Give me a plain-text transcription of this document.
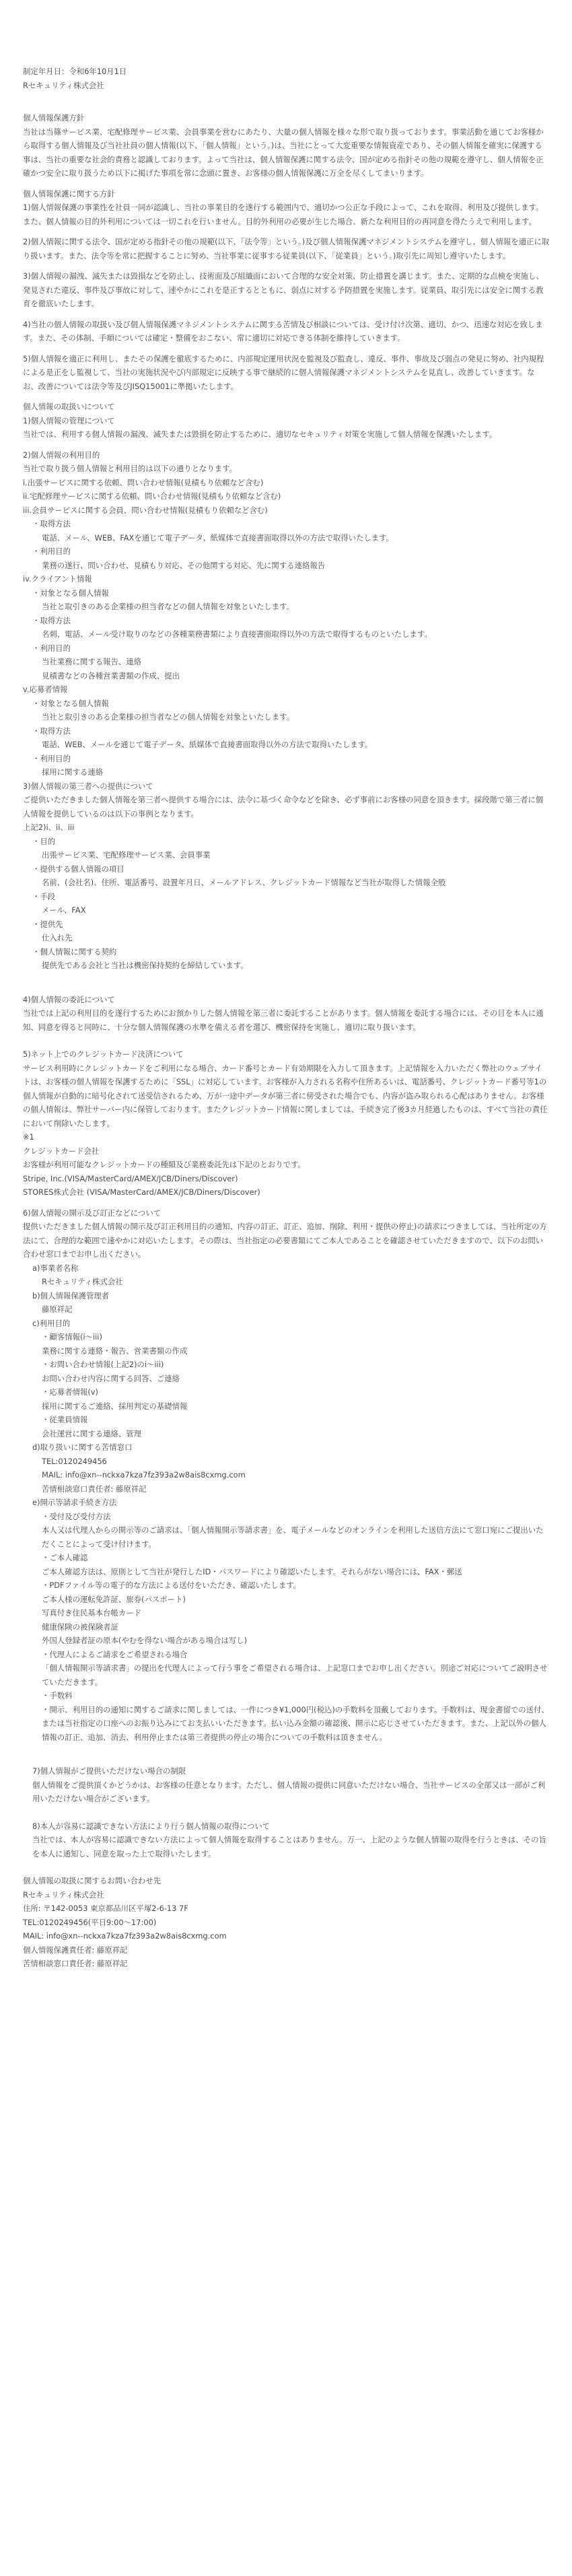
制定年月日：令和6年10月1日

Rセキュリティ株式会社

個人情報保護方針

当社は当篠サービス業、宅配修理サービス業、会員事業を営むにあたり、大量の個人情報を様々な形で取り扱っております。事業活動を通じてお客様から取得する個人情報及び当社社員の個人情報(以下、「個人情報」という。)は、当社にとって大変重要な情報資産であり、その個人情報を確実に保護する事は、当社の重要な社会的責務と認識しております。よって当社は、個人情報保護に関する法令、国が定める指針その他の規範を遵守し、個人情報を正確かつ安全に取り扱うため以下に掲げた事項を常に念頭に置き、お客様の個人情報保護に万全を尽くしてまいります。

個人情報保護に関する方針

1)個人情報保護の事業性を社員一同が認識し、当社の事業目的を遂行する範囲内で、適切かつ公正な手段によって、これを取得、利用及び提供します。また、個人情報の目的外利用については一切これを行いません。目的外利用の必要が生じた場合、新たな利用目的の再同意を得たうえで利用します。

2)個人情報に関する法令、国が定める指針その他の規範(以下、「法令等」という。)及び個人情報保護マネジメントシステムを遵守し、個人情報を適正に取り扱います。また、法令等を常に把握することに努め、当社事業に従事する従業員(以下、「従業員」という。)取引先に周知し遵守いたします。

3)個人情報の漏洩、滅失または毀損などを防止し、技術面及び組織面において合理的な安全対策、防止措置を講じます。また、定期的な点検を実施し、発見された違反、事件及び事故に対して、速やかにこれを是正するとともに、弱点に対する予防措置を実施します。従業員、取引先には安全に関する教育を徹底いたします。

4)当社の個人情報の取扱い及び個人情報保護マネジメントシステムに関する苦情及び相談については、受け付け次第、適切、かつ、迅速な対応を致します。また、その体制、手順については確定・整備をおこない、常に適切に対応できる体制を維持していきます。

5)個人情報を適正に利用し、またその保護を徹底するために、内部規定運用状況を監視及び監査し、違反、事件、事故及び弱点の発見に努め、社内規程による是正をし監視して、当社の実施状況やび内部規定に反映する事で継続的に個人情報保護マネジメントシステムを見直し、改善していきます。なお、改善については法令等及びJISQ15001に準拠いたします。

個人情報の取扱いについて

1)個人情報の管理について

当社では、利用する個人情報の漏洩、滅失または毀損を防止するために、適切なセキュリティ対策を実施して個人情報を保護いたします。

2)個人情報の利用目的

当社で取り扱う個人情報と利用目的は以下の通りとなります。

i.出張サービスに関する依頼、問い合わせ情報(見積もり依頼など含む)

ii.宅配修理サービスに関する依頼、問い合わせ情報(見積もり依頼など含む)

iii.会員サービスに関する会員、問い合わせ情報(見積もり依頼など含む)

・取得方法

電話、メール、WEB、FAXを通じて電子データ、紙媒体で直接書面取得以外の方法で取得いたします。

・利用目的

業務の遂行、問い合わせ、見積もり対応、その他関する対応、先に関する連絡報告

iv.クライアント情報

・対象となる個人情報

当社と取引きのある企業様の担当者などの個人情報を対象といたします。

・取得方法

名刺、電話、メール受け取りのなどの各種業務書類により直接書面取得以外の方法で取得するものといたします。

・利用目的

当社業務に関する報告、連絡

見積書などの各種営業書類の作成、提出

v.応募者情報

・対象となる個人情報

当社と取引きのある企業様の担当者などの個人情報を対象といたします。

・取得方法

電話、WEB、メールを通じて電子データ、紙媒体で直接書面取得以外の方法で取得いたします。

・利用目的

採用に関する連絡

3)個人情報の第三者への提供について

ご提供いただきました個人情報を第三者へ提供する場合には、法令に基づく命令などを除き、必ず事前にお客様の同意を頂きます。採段階で第三者に個人情報を提供しているのは以下の事例となります。

上記2)i、ii、iii

・目的

出張サービス業、宅配修理サービス業、会員事業

・提供する個人情報の項目

名前、(会社名)、住所、電話番号、設置年月日、メールアドレス、クレジットカード情報など当社が取得した情報全般

・手段

メール、FAX

・提供先

仕入れ先

・個人情報に関する契約

提供先である会社と当社は機密保持契約を締結しています。

4)個人情報の委託について

当社では上記の利用目的を遂行するためにお預かりした個人情報を第三者に委託することがあります。個人情報を委託する場合には、その目を本人に通知、同意を得ると同時に、十分な個人情報保護の水準を備える者を選び、機密保持を実施し、適切に取り扱います。

5)ネット上でのクレジットカード決済について

サービス利用時にクレジットカードをご利用になる場合、カード番号とカード有効期限を入力して頂きます。上記情報を入力いただく弊社のウェブサイトは、お客様の個人情報を保護するために「SSL」に対応しています。お客様が入力される名称や住所あるいは、電話番号、クレジットカード番号等1の個人情報が自動的に暗号化されて送受信されるため、万が一途中データが第三者に傍受された場合でも、内容が盗み取られる心配はありません。お客様の個人情報は、弊社サーバー内に保管しております。またクレジットカード情報に関しましては、手続き完了後3カ月経過したものは、すべて当社の責任において削除いたします。

※1

クレジットカード会社

お客様が利用可能なクレジットカードの種類及び業務委託先は下記のとおりです。

Stripe, Inc.(VISA/MasterCard/AMEX/JCB/Diners/Discover)

STORES株式会社 (VISA/MasterCard/AMEX/JCB/Diners/Discover)

6)個人情報の開示及び訂正などについて

提供いただきました個人情報の開示及び訂正利用目的の通知、内容の訂正、訂正、追加、削除、利用・提供の停止)の請求につきましては、当社所定の方法にて、合理的な範囲で速やかに対応いたします。その際は、当社指定の必要書類にてご本人であることを確認させていただきますので、以下のお問い合わせ窓口までお申し出ください。

a)事業者名称

Rセキュリティ株式会社

b)個人情報保護管理者

藤原祥記

c)利用目的

・顧客情報(i〜iii)

業務に関する連絡・報告、営業書類の作成

・お問い合わせ情報(上記2)のi〜iii)

お問い合わせ内容に関する回答、ご連絡

・応募者情報(v)

採用に関するご連絡、採用判定の基礎情報

・従業員情報

会社運営に関する連絡、管理

d)取り扱いに関する苦情窓口

TEL:0120249456

MAIL: info@xn--nckxa7kza7fz393a2w8ais8cxmg.com

苦情相談窓口責任者: 藤原祥記

e)開示等請求手続き方法

・受付及び受付方法

本人又は代理人からの開示等のご請求は、「個人情報開示等請求書」を、電子メールなどのオンラインを利用した送信方法にて窓口宛にご提出いただくことによって受け付けます。

・ご本人確認

ご本人確認方法は、原則として当社が発行したID・パスワードにより確認いたします。それらがない場合には、FAX・郵送

・PDFファイル等の電子的な方法による送付をいただき、確認いたします。

ご本人様の運転免許証、旅券(パスポート)

写真付き住民基本台帳カード

健康保険の被保険者証

外国人登録者証の原本(やむを得ない場合がある場合は写し)

・代理人によるご請求をご希望される場合

「個人情報開示等請求書」の提出を代理人によって行う事をご希望される場合は、上記窓口までお申し出ください。別途ご対応についてご説明させていただきます。

・手数料

・開示、利用目的の通知に関するご請求に関しましては、一件につき¥1,000円(税込)の手数料を頂戴しております。手数料は、現金書留での送付、または当社指定の口座へのお振り込みにてお支払いいただきます。払い込み金額の確認後、開示に応じさせていただきます。また、上記以外の個人情報の訂正、追加、消去、利用停止または第三者提供の停止の場合についての手数料は頂きません。

7)個人情報がご提供いただけない場合の制限

個人情報をご提供頂くかどうかは、お客様の任意となります。ただし、個人情報の提供に同意いただけない場合、当社サービスの全部又は一部がご利用いただけない場合がございます。

8)本人が容易に認識できない方法により行う個人情報の取得について

当社では、本人が容易に認識できない方法によって個人情報を取得することはありません。万一、上記のような個人情報の取得を行うときは、その旨を本人に通知し、同意を取った上で取得いたします。

個人情報の取扱に関するお問い合わせ先

Rセキュリティ株式会社

住所: 〒142-0053 東京都品川区平塚2-6-13 7F

TEL:0120249456(平日9:00〜17:00)

MAIL: info@xn--nckxa7kza7fz393a2w8ais8cxmg.com

個人情報保護責任者: 藤原祥記

苦情相談窓口責任者: 藤原祥記
